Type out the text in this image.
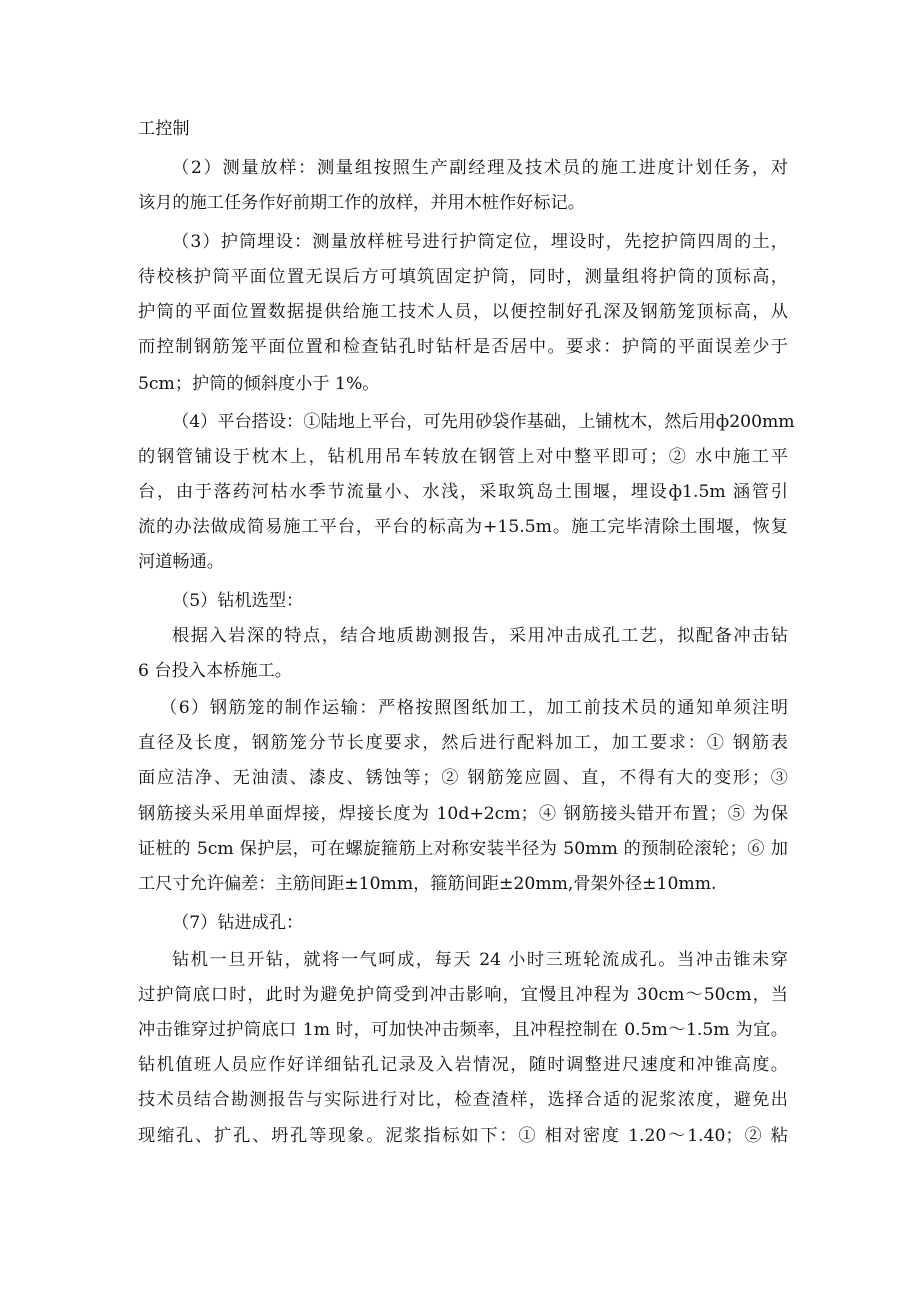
工控制
（2）测量放样：测量组按照生产副经理及技术员的施工进度计划任务，对
该月的施工任务作好前期工作的放样，并用木桩作好标记。
（3）护筒埋设：测量放样桩号进行护筒定位，埋设时，先挖护筒四周的土，
待校核护筒平面位置无误后方可填筑固定护筒，同时，测量组将护筒的顶标高，
护筒的平面位置数据提供给施工技术人员，以便控制好孔深及钢筋笼顶标高，从
而控制钢筋笼平面位置和检查钻孔时钻杆是否居中。要求：护筒的平面误差少于
5cm；护筒的倾斜度小于 1%。
（4）平台搭设：①陆地上平台，可先用砂袋作基础，上铺枕木，然后用ф200mm
的钢管铺设于枕木上，钻机用吊车转放在钢管上对中整平即可；② 水中施工平
台，由于落药河枯水季节流量小、水浅，采取筑岛土围堰，埋设ф1.5m 涵管引
流的办法做成简易施工平台，平台的标高为+15.5m。施工完毕清除土围堰，恢复
河道畅通。
（5）钻机选型：
根据入岩深的特点，结合地质勘测报告，采用冲击成孔工艺，拟配备冲击钻
6 台投入本桥施工。
（6）钢筋笼的制作运输：严格按照图纸加工，加工前技术员的通知单须注明
直径及长度，钢筋笼分节长度要求，然后进行配料加工，加工要求：① 钢筋表
面应洁净、无油渍、漆皮、锈蚀等；② 钢筋笼应圆、直，不得有大的变形；③
钢筋接头采用单面焊接，焊接长度为 10d+2cm；④ 钢筋接头错开布置；⑤ 为保
证桩的 5cm 保护层，可在螺旋箍筋上对称安装半径为 50mm 的预制砼滚轮；⑥ 加
工尺寸允许偏差：主筋间距±10mm，箍筋间距±20mm,骨架外径±10mm.
（7）钻进成孔：
钻机一旦开钻，就将一气呵成，每天 24 小时三班轮流成孔。当冲击锥未穿
过护筒底口时，此时为避免护筒受到冲击影响，宜慢且冲程为 30cm～50cm，当
冲击锥穿过护筒底口 1m 时，可加快冲击频率，且冲程控制在 0.5m～1.5m 为宜。
钻机值班人员应作好详细钻孔记录及入岩情况，随时调整进尺速度和冲锥高度。
技术员结合勘测报告与实际进行对比，检查渣样，选择合适的泥浆浓度，避免出
现缩孔、扩孔、坍孔等现象。泥浆指标如下：① 相对密度 1.20～1.40；② 粘
